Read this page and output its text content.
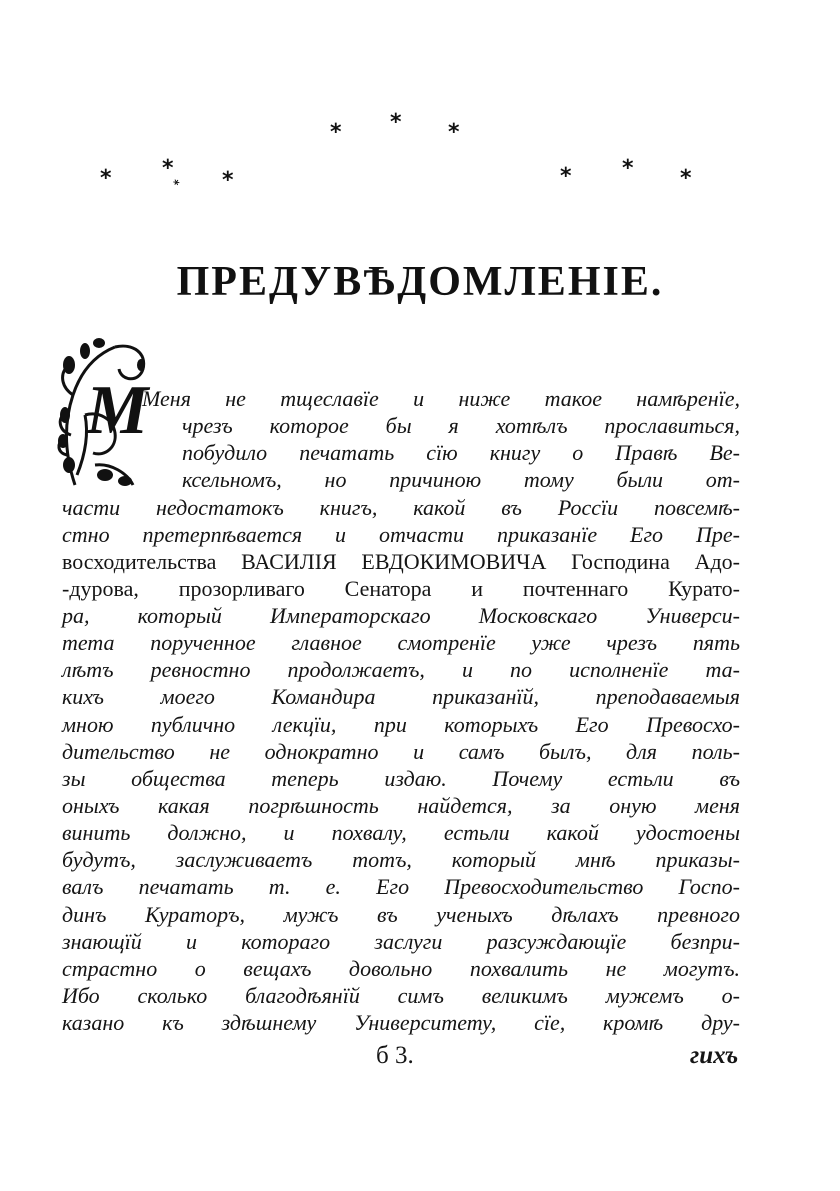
* * *
* * *
* * *
*
ПРЕДУВѢДОМЛЕНІЕ.
М
Меня не тщеславїе и ниже такое намѣренїе,
чрезъ которое бы я хотѣлъ прославиться,
побудило печатать сїю книгу о Правѣ Ве-
ксельномъ, но причиною тому были от-
части недостатокъ книгъ, какой въ Россїи повсемѣ-
стно претерпѣвается и отчасти приказанїе Его Пре-
восходительства ВАСИЛІЯ ЕВДОКИМОВИЧА Господина Адо-
-дурова, прозорливаго Сенатора и почтеннаго Курато-
ра, который Императорскаго Московскаго Универси-
тета порученное главное смотренїе уже чрезъ пять
лѣтъ ревностно продолжаетъ, и по исполненїе та-
кихъ моего Командира приказанїй, преподаваемыя
мною публично лекцїи, при которыхъ Его Превосхо-
дительство не однократно и самъ былъ, для поль-
зы общества теперь издаю. Почему естьли въ
оныхъ какая погрѣшность найдется, за оную меня
винить должно, и похвалу, естьли какой удостоены
будутъ, заслуживаетъ тотъ, который мнѣ приказы-
валъ печатать т. е. Его Превосходительство Госпо-
динъ Кураторъ, мужъ въ ученыхъ дѣлахъ превного
знающїй и котораго заслуги разсуждающїе безпри-
страстно о вещахъ довольно похвалить не могутъ.
Ибо сколько благодѣянїй симъ великимъ мужемъ о-
казано къ здѣшнему Университету, сїе, кромѣ дру-
б 3.	гихъ
